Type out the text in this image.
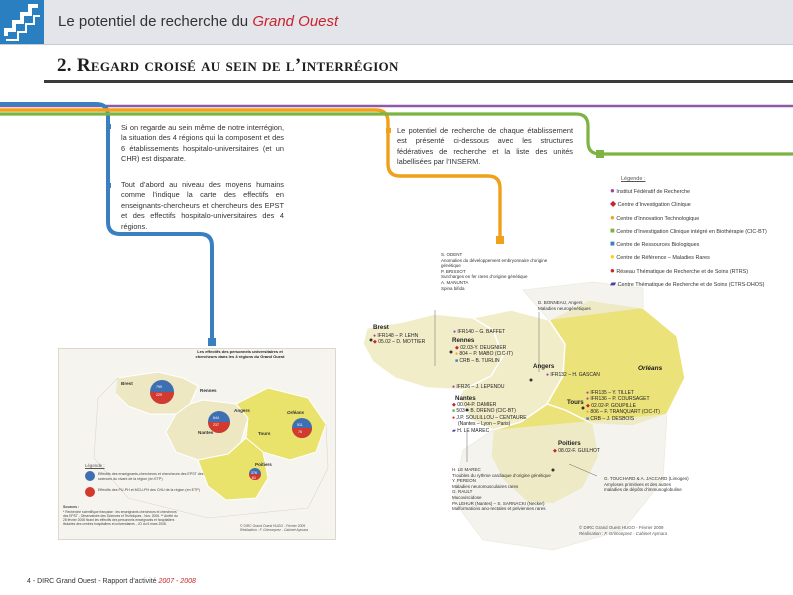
Le potentiel de recherche du Grand Ouest
2. Regard croisé au sein de l’interrégion
Si on regarde au sein même de notre interrégion, la situation des 4 régions qui la composent et des 6 établissements hospitalo-universitaires (et un CHR) est disparate.
Tout d’abord au niveau des moyens humains comme l’indique la carte des effectifs en enseignants-chercheurs et chercheurs des EPST et des effectifs hospitalo-universitaires des 4 régions.
Le potentiel de recherche de chaque établissement est présenté ci-dessous avec les structures fédératives de recherche et la liste des unités labellisées par l’INSERM.
Les effectifs des personnels universitaires et chercheurs dans les 4 régions du Grand Ouest
799
229
644
237	511
76
376
61
Brest
Rennes
Angers
Nantes	Tours
Orléans
Poitiers
Légende :
Effectifs des enseignants-chercheurs et chercheurs des EPST des sciences du vivant de la région (en ETP)
Effectifs des PU-PH et MCU-PH des CHU de la région (en ETP)
Sources :
* Recherche scientifique française : les enseignants chercheurs et chercheurs des EPST - Observatoire des Sciences et Techniques - Nov. 2006. ** Arrêté du 28 février 2008 fixant les effectifs des personnels enseignants et hospitaliers titulaires des centres hospitaliers et universitaires - JO du 6 mars 2008.	© DIRC Grand Ouest HUGO - Février 2009
Réalisation : F. Grimonprez - Cabinet Aymara
Brest
Rennes
Angers
Nantes
Tours
Poitiers
Orléans
● IFR148 – P. LEHN
◆ 05.02 – D. MOTTIER
● IFR140 – G. BAFFET
◆ 02.03-Y. DEUGNIER
● 804 – P. MABO (CIC-IT)
■ CRB – B. TURLIN
● IFR132 – H. GASCAN
● IFR26 – J. LEPENDU
◆ 00.04-P. DAMIER
■ 503 – B. DRENO (CIC-BT)
● J.P. SOULILLOU – CENTAURE
(Nantes – Lyon – Paris)
▰ H. LE MAREC
● IFR135 – Y. TILLET
● IFR136 – P. COURSAGET
◆ 02.02-P. GOUPILLE
● 806 – F. TRANQUART (CIC-IT)
■ CRB – J. DESBOIS
◆ 08.02-F. GUILHOT
S. ODENT
Anomalies du développement embryonnaire d’origine génétique
P. BRISSOT
Surcharges en fer rares d’origine génétique
A. MANUNTA
Spina bifida
D. BONNEAU, Angers
Maladies neurogénétiques
H. LE MAREC
Troubles du rythme cardiaque d’origine génétique
Y. PEREON
Maladies neuromusculaires rares
G. RAULT
Mucoviscidose
PA LEHUR (Nantes) – S. SARNACKI (Necker)
Malformations ano-rectales et pelviennes rares
G. TOUCHARD & A. JACCARD (Limoges)
Amyloses primitives et des autres
maladies de dépôts d’immunoglobuline
© DIRC Grand Ouest HUGO - Février 2009
Réalisation : F. Grimonprez - Cabinet Aymara
Légende :
● Institut Fédératif de Recherche
◆ Centre d’Investigation Clinique
● Centre d’Innovation Technologique
■ Centre d’Investigation Clinique intégré en Biothérapie (CIC-BT)
■ Centre de Ressources Biologiques
● Centre de Référence – Maladies Rares
● Réseau Thématique de Recherche et de Soins (RTRS)
▰ Centre Thématique de Recherche et de Soins (CTRS-DHOS)
4 - DIRC Grand Ouest - Rapport d’activité 2007 - 2008
